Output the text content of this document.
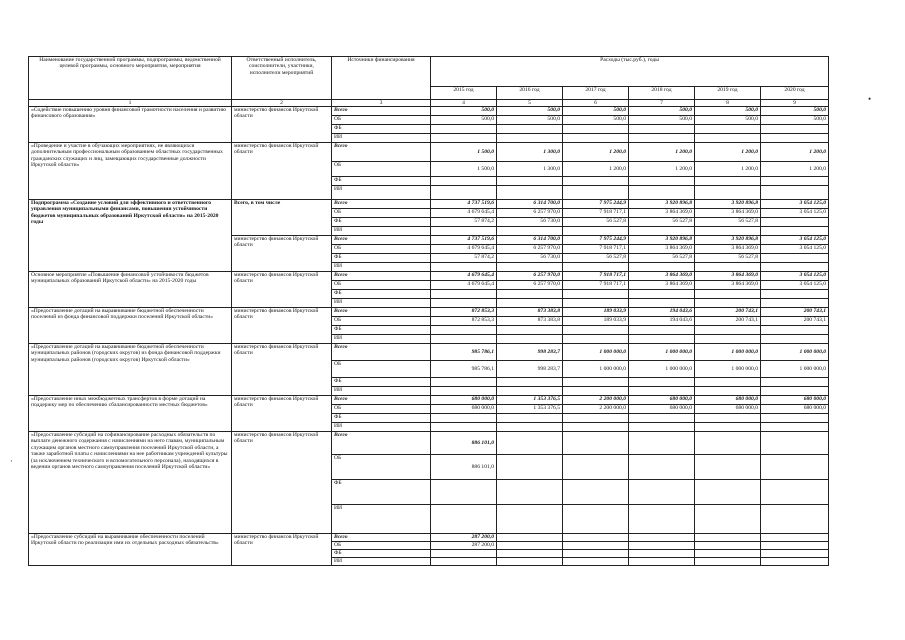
Наименование государственной программы, подпрограммы, ведомственной целевой программы, основного мероприятия, мероприятия	Ответственный исполнитель, соисполнители, участники, исполнители мероприятий	Источники финансирования	Расходы (тыс.руб.), годы					
			2015 год	2016 год	2017 год	2018 год	2019 год	2020 год
1	2	3	4	5	6	7	8	9
«Содействие повышению уровня финансовой грамотности населения и развитию финансового образования»	министерство финансов Иркутской области	Всего	500,0	500,0	500,0	500,0	500,0	500,0
		ОБ	500,0	500,0	500,0	500,0	500,0	500,0
		ФБ						
		ИИ						
«Проведение и участие в обучающих мероприятиях, не являющихся дополнительным профессиональным образованием областных государственных гражданских служащих и лиц, замещающих государственные должности Иркутской области»	министерство финансов Иркутской области	Всего	1 500,0	1 300,0	1 200,0	1 200,0	1 200,0	1 200,0
		ОБ	1 500,0	1 300,0	1 200,0	1 200,0	1 200,0	1 200,0
		ФБ						
		ИИ						
Подпрограмма «Создание условий для эффективного и ответственного управления муниципальными финансами, повышения устойчивости бюджетов муниципальных образований Иркутской области» на 2015-2020 годы	Всего, в том числе	Всего	4 737 519,6	6 314 700,0	7 975 244,9	3 920 896,8	3 920 896,8	3 054 125,0
		ОБ	4 679 645,4	6 257 970,0	7 918 717,1	3 864 369,0	3 864 369,0	3 054 125,0
		ФБ	57 874,2	56 730,0	56 527,8	56 527,8	56 527,8	
		ИИ						
	министерство финансов Иркутской области	Всего	4 737 519,6	6 314 700,0	7 975 244,9	3 920 896,8	3 920 896,8	3 054 125,0
		ОБ	4 679 645,4	6 257 970,0	7 918 717,1	3 864 369,0	3 864 369,0	3 054 125,0
		ФБ	57 874,2	56 730,0	56 527,8	56 527,8	56 527,8	
		ИИ						
Основное мероприятие «Повышение финансовой устойчивости бюджетов муниципальных образований Иркутской области» на 2015-2020 годы	министерство финансов Иркутской области	Всего	4 679 645,4	6 257 970,0	7 918 717,1	3 864 369,0	3 864 369,0	3 054 125,0
		ОБ	4 679 645,4	6 257 970,0	7 918 717,1	3 864 369,0	3 864 369,0	3 054 125,0
		ФБ						
		ИИ						
«Предоставление дотаций на выравнивание бюджетной обеспеченности поселений из фонда финансовой поддержки поселений Иркутской области»	министерство финансов Иркутской области	Всего	872 853,3	873 383,8	189 033,9	194 043,6	200 743,1	200 743,1
		ОБ	872 853,3	873 383,8	189 033,9	194 043,6	200 743,1	200 743,1
		ФБ						
		ИИ						
«Предоставление дотаций на выравнивание бюджетной обеспеченности муниципальных районов (городских округов) из фонда финансовой поддержки муниципальных районов (городских округов) Иркутской области»	министерство финансов Иркутской области	Всего	985 786,1	998 283,7	1 000 000,0	1 000 000,0	1 000 000,0	1 000 000,0
		ОБ	985 786,1	998 283,7	1 000 000,0	1 000 000,0	1 000 000,0	1 000 000,0
		ФБ						
		ИИ						
«Предоставление иных межбюджетных трансфертов в форме дотаций на поддержку мер по обеспечению сбалансированности местных бюджетов»	министерство финансов Иркутской области	Всего	680 000,0	1 353 376,5	2 200 000,0	680 000,0	680 000,0	680 000,0
		ОБ	680 000,0	1 353 376,5	2 200 000,0	680 000,0	680 000,0	680 000,0
		ФБ						
		ИИ						
«Предоставление субсидий на софинансирование расходных обязательств по выплате денежного содержания с начислениями на него главам, муниципальным служащим органов местного самоуправления поселений Иркутской области, а также заработной платы с начислениями на нее работникам учреждений культуры (за исключением технического и вспомогательного персонала), находящихся в ведении органов местного самоуправления поселений Иркутской области»	министерство финансов Иркутской области	Всего	886 101,0					
		ОБ	886 101,0					
		ФБ						
		ИИ						
«Предоставление субсидий на выравнивание обеспеченности поселений Иркутской области по реализации ими их отдельных расходных обязательств»	министерство финансов Иркутской области	Всего	287 200,0					
		ОБ	287 200,0					
		ФБ						
		ИИ						
•
·
